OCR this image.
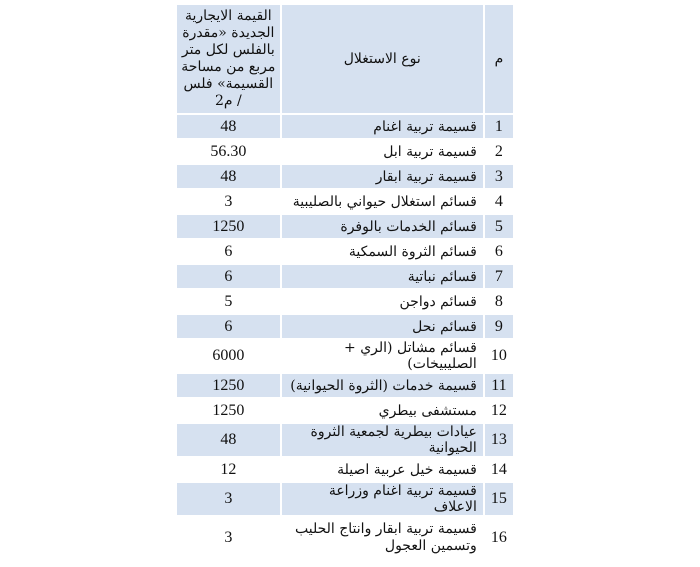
م	نوع الاستغلال	القيمة الايجارية الجديدة «مقدرة بالفلس لكل متر مربع من مساحة القسيمة» فلس / م2
1	قسيمة تربية اغنام	48
2	قسيمة تربية ابل	56.30
3	قسيمة تربية ابقار	48
4	قسائم استغلال حيواني بالصليبية	3
5	قسائم الخدمات بالوفرة	1250
6	قسائم الثروة السمكية	6
7	قسائم نباتية	6
8	قسائم دواجن	5
9	قسائم نحل	6
10	قسائم مشاتل (الري + الصليبيخات)	6000
11	قسيمة خدمات (الثروة الحيوانية)	1250
12	مستشفى بيطري	1250
13	عيادات بيطرية لجمعية الثروة الحيوانية	48
14	قسيمة خيل عربية اصيلة	12
15	قسيمة تربية اغنام وزراعة الاعلاف	3
16	قسيمة تربية ابقار وانتاج الحليب وتسمين العجول	3
